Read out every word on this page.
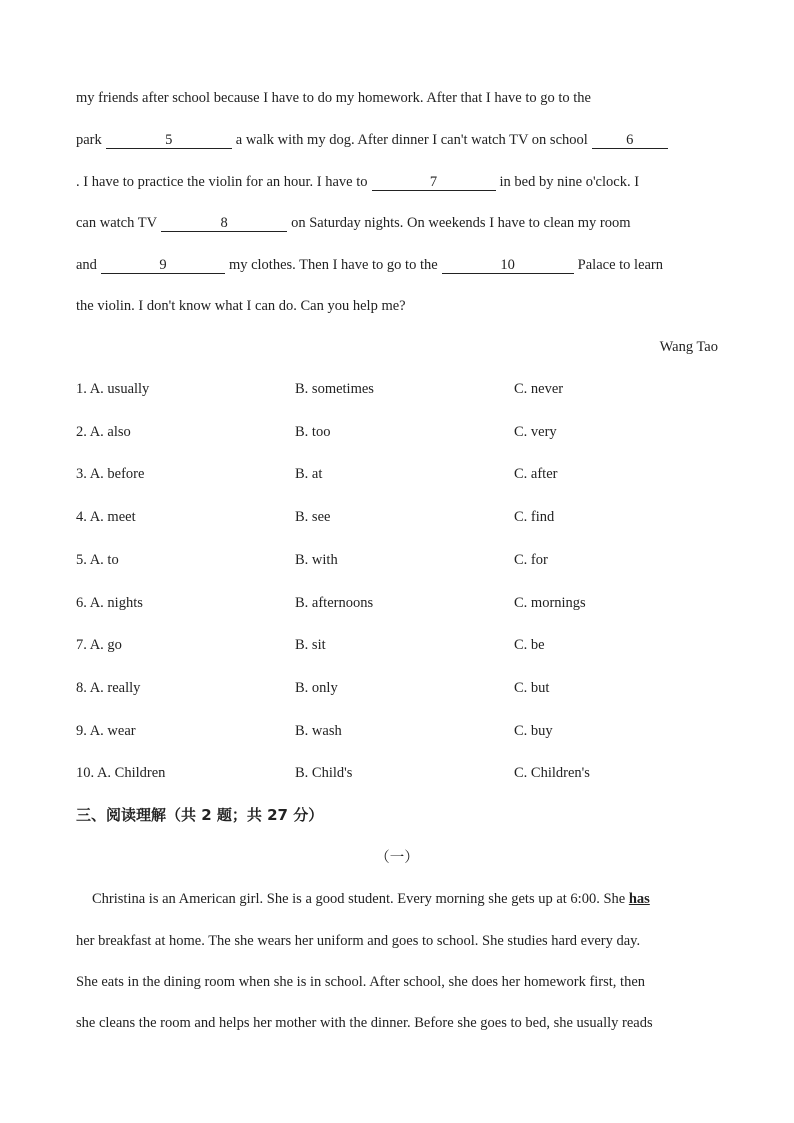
my friends after school because I have to do my homework. After that I have to go to the
park	5	a walk with my dog. After dinner I can't watch TV on school	6
. I have to practice the violin for an hour. I have to	7	in bed by nine o'clock. I
can watch TV	8	on Saturday nights. On weekends I have to clean my room
and	9	my clothes. Then I have to go to the	10	Palace to learn
the violin. I don't know what I can do. Can you help me?
Wang Tao
1. A. usually	B. sometimes	C. never
2. A. also	B. too	C. very
3. A. before	B. at	C. after
4. A. meet	B. see	C. find
5. A. to	B. with	C. for
6. A. nights	B. afternoons	C. mornings
7. A. go	B. sit	C. be
8. A. really	B. only	C. but
9. A. wear	B. wash	C. buy
10. A. Children	B. Child's	C. Children's
三、阅读理解（共 2 题；共 27 分）
（一）
Christina is an American girl. She is a good student. Every morning she gets up at 6:00. She has
her breakfast at home. The she wears her uniform and goes to school. She studies hard every day.
She eats in the dining room when she is in school. After school, she does her homework first, then
she cleans the room and helps her mother with the dinner. Before she goes to bed, she usually reads
